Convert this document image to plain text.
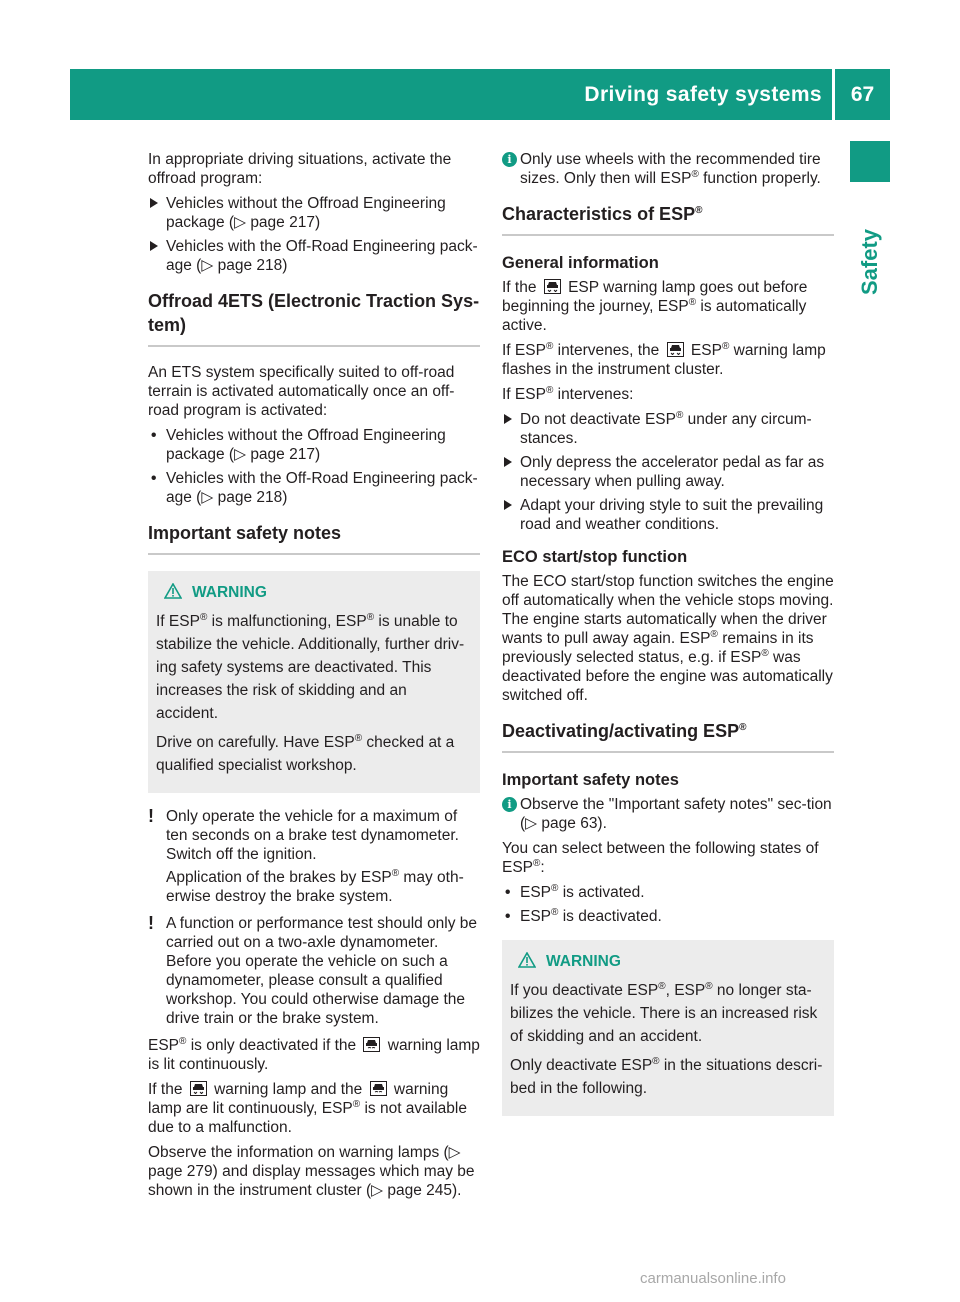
Driving safety systems	67
Safety

In appropriate driving situations, activate the offroad program:

Vehicles without the Offroad Engineering package (▷ page 217)
Vehicles with the Off-Road Engineering pack-age (▷ page 218)
Offroad 4ETS (Electronic Traction Sys-tem)

An ETS system specifically suited to off-road terrain is activated automatically once an off-road program is activated:

• Vehicles without the Offroad Engineering package (▷ page 217)
• Vehicles with the Off-Road Engineering pack-age (▷ page 218)
Important safety notes

WARNING

If ESP® is malfunctioning, ESP® is unable to stabilize the vehicle. Additionally, further driv-ing safety systems are deactivated. This increases the risk of skidding and an accident.

Drive on carefully. Have ESP® checked at a qualified specialist workshop.

! Only operate the vehicle for a maximum of ten seconds on a brake test dynamometer. Switch off the ignition.

Application of the brakes by ESP® may oth-erwise destroy the brake system.

! A function or performance test should only be carried out on a two-axle dynamometer. Before you operate the vehicle on such a dynamometer, please consult a qualified workshop. You could otherwise damage the drive train or the brake system.

ESP® is only deactivated if the
warning lamp is lit continuously.

If the
warning lamp and the
warning lamp are lit continuously, ESP® is not available due to a malfunction.

Observe the information on warning lamps (▷ page 279) and display messages which may be shown in the instrument cluster (▷ page 245).

i Only use wheels with the recommended tire sizes. Only then will ESP® function properly.
Characteristics of ESP®
General information

If the
ESP warning lamp goes out before beginning the journey, ESP® is automatically active.

If ESP® intervenes, the
ESP® warning lamp flashes in the instrument cluster.

If ESP® intervenes:

Do not deactivate ESP® under any circum-stances.
Only depress the accelerator pedal as far as necessary when pulling away.
Adapt your driving style to suit the prevailing road and weather conditions.
ECO start/stop function

The ECO start/stop function switches the engine off automatically when the vehicle stops moving. The engine starts automatically when the driver wants to pull away again. ESP® remains in its previously selected status, e.g. if ESP® was deactivated before the engine was automatically switched off.

Deactivating/activating ESP®
Important safety notes
i Observe the "Important safety notes" sec-tion (▷ page 63).

You can select between the following states of ESP®:

• ESP® is activated.
• ESP® is deactivated.

WARNING

If you deactivate ESP®, ESP® no longer sta-bilizes the vehicle. There is an increased risk of skidding and an accident.

Only deactivate ESP® in the situations descri-bed in the following.

carmanualsonline.info
